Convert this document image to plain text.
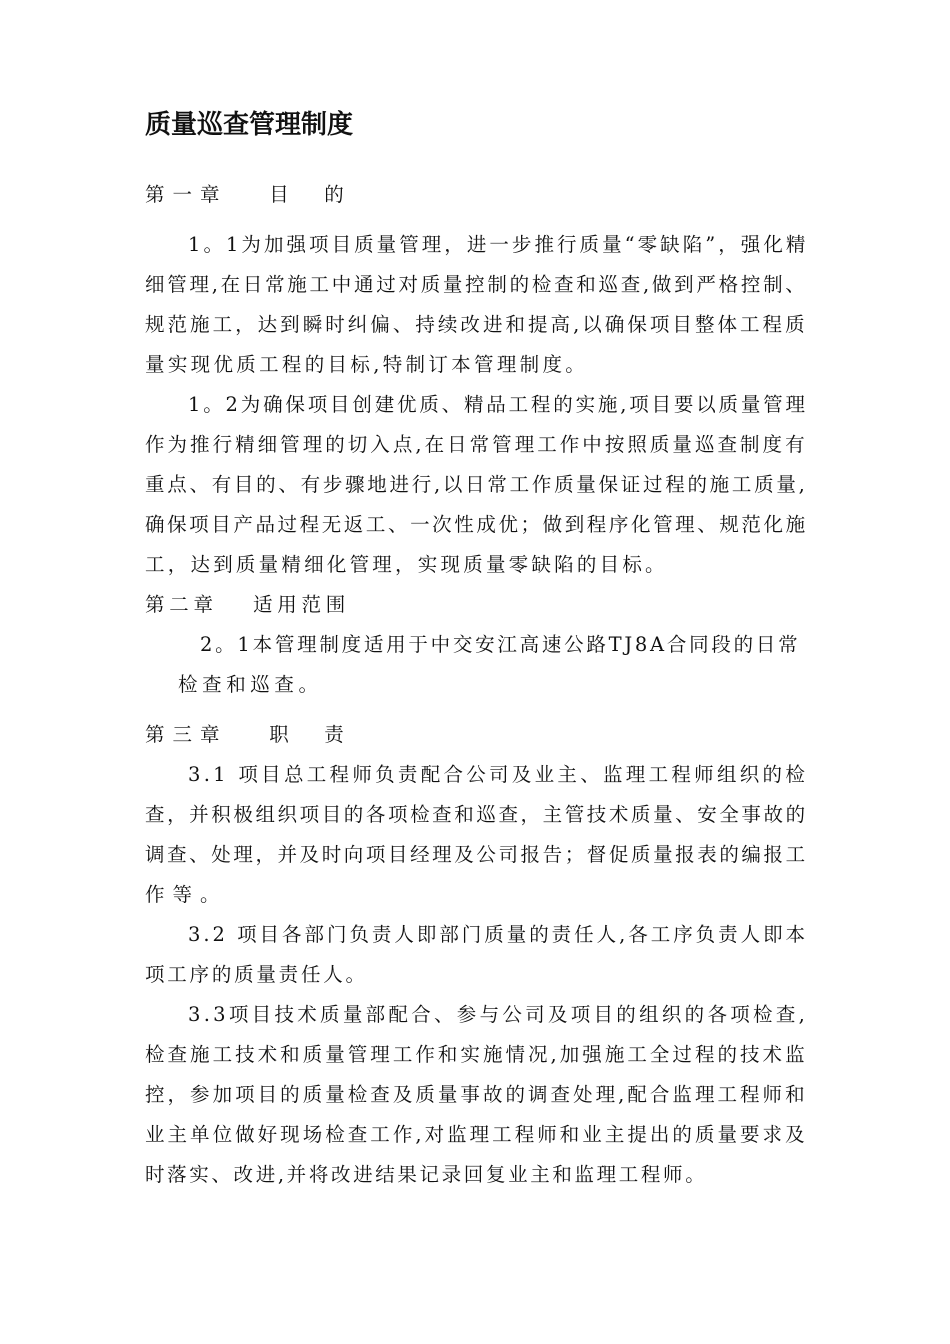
质量巡查管理制度
第一章　 目　的
1。1为加强项目质量管理，进一步推行质量“零缺陷”，强化精
细管理,在日常施工中通过对质量控制的检查和巡查,做到严格控制、
规范施工，达到瞬时纠偏、持续改进和提高,以确保项目整体工程质
量实现优质工程的目标,特制订本管理制度。
1。2为确保项目创建优质、精品工程的实施,项目要以质量管理
作为推行精细管理的切入点,在日常管理工作中按照质量巡查制度有
重点、有目的、有步骤地进行,以日常工作质量保证过程的施工质量,
确保项目产品过程无返工、一次性成优；做到程序化管理、规范化施
工，达到质量精细化管理，实现质量零缺陷的目标。
第二章　 适用范围
2。1本管理制度适用于中交安江高速公路TJ8A合同段的日常
检查和巡查。
第三章　 职　责
3.1 项目总工程师负责配合公司及业主、监理工程师组织的检
查，并积极组织项目的各项检查和巡查，主管技术质量、安全事故的
调查、处理，并及时向项目经理及公司报告；督促质量报表的编报工
作等。
3.2 项目各部门负责人即部门质量的责任人,各工序负责人即本
项工序的质量责任人。
3.3项目技术质量部配合、参与公司及项目的组织的各项检查,
检查施工技术和质量管理工作和实施情况,加强施工全过程的技术监
控，参加项目的质量检查及质量事故的调查处理,配合监理工程师和
业主单位做好现场检查工作,对监理工程师和业主提出的质量要求及
时落实、改进,并将改进结果记录回复业主和监理工程师。
